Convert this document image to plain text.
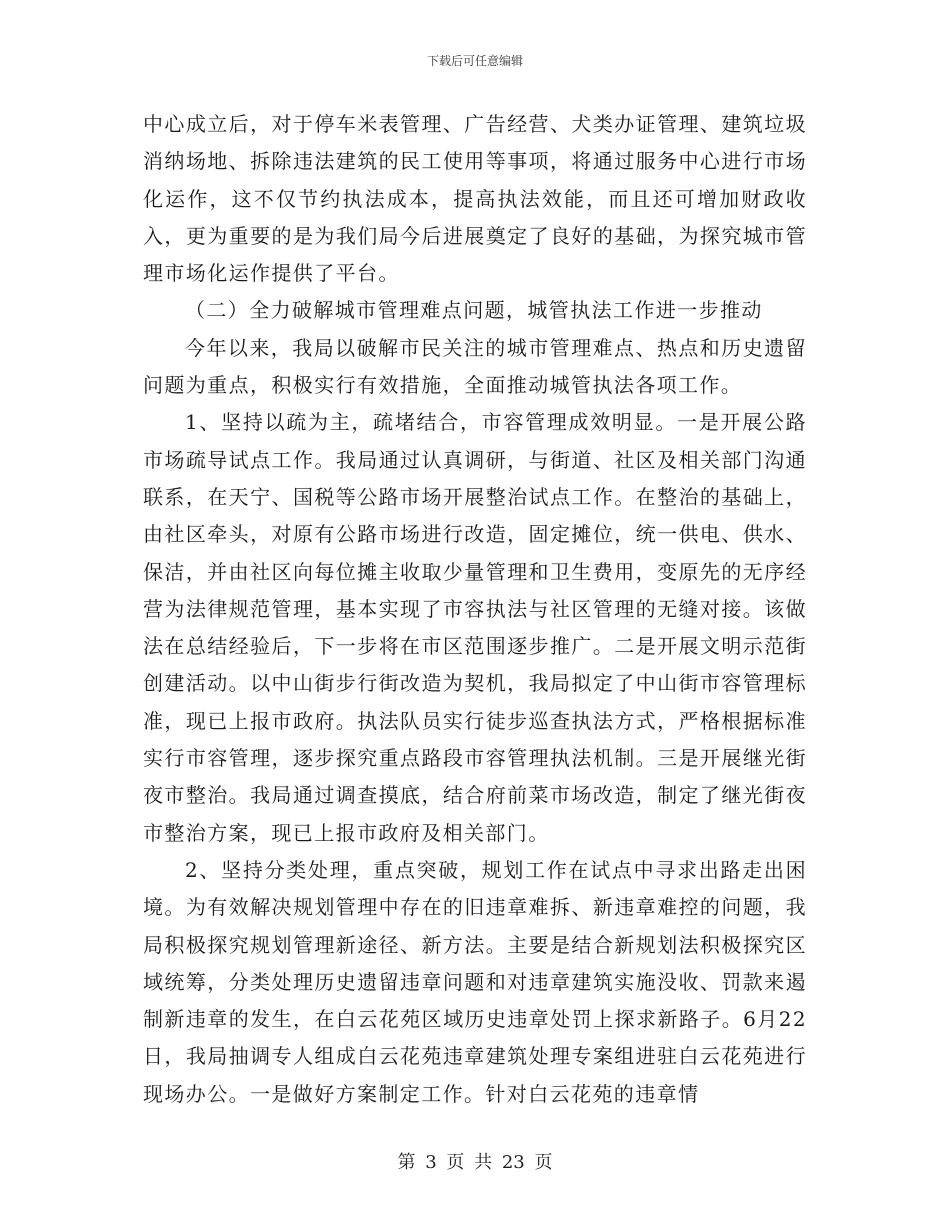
下载后可任意编辑

中心成立后，对于停车米表管理、广告经营、犬类办证管理、建筑垃圾消纳场地、拆除违法建筑的民工使用等事项，将通过服务中心进行市场化运作，这不仅节约执法成本，提高执法效能，而且还可增加财政收入，更为重要的是为我们局今后进展奠定了良好的基础，为探究城市管理市场化运作提供了平台。

（二）全力破解城市管理难点问题，城管执法工作进一步推动

今年以来，我局以破解市民关注的城市管理难点、热点和历史遗留问题为重点，积极实行有效措施，全面推动城管执法各项工作。

1、坚持以疏为主，疏堵结合，市容管理成效明显。一是开展公路市场疏导试点工作。我局通过认真调研，与街道、社区及相关部门沟通联系，在天宁、国税等公路市场开展整治试点工作。在整治的基础上，由社区牵头，对原有公路市场进行改造，固定摊位，统一供电、供水、保洁，并由社区向每位摊主收取少量管理和卫生费用，变原先的无序经营为法律规范管理，基本实现了市容执法与社区管理的无缝对接。该做法在总结经验后，下一步将在市区范围逐步推广。二是开展文明示范街创建活动。以中山街步行街改造为契机，我局拟定了中山街市容管理标准，现已上报市政府。执法队员实行徒步巡查执法方式，严格根据标准实行市容管理，逐步探究重点路段市容管理执法机制。三是开展继光街夜市整治。我局通过调查摸底，结合府前菜市场改造，制定了继光街夜市整治方案，现已上报市政府及相关部门。

2、坚持分类处理，重点突破，规划工作在试点中寻求出路走出困境。为有效解决规划管理中存在的旧违章难拆、新违章难控的问题，我局积极探究规划管理新途径、新方法。主要是结合新规划法积极探究区域统筹，分类处理历史遗留违章问题和对违章建筑实施没收、罚款来遏制新违章的发生，在白云花苑区域历史违章处罚上探求新路子。6月22日，我局抽调专人组成白云花苑违章建筑处理专案组进驻白云花苑进行现场办公。一是做好方案制定工作。针对白云花苑的违章情

第 3 页 共 23 页
